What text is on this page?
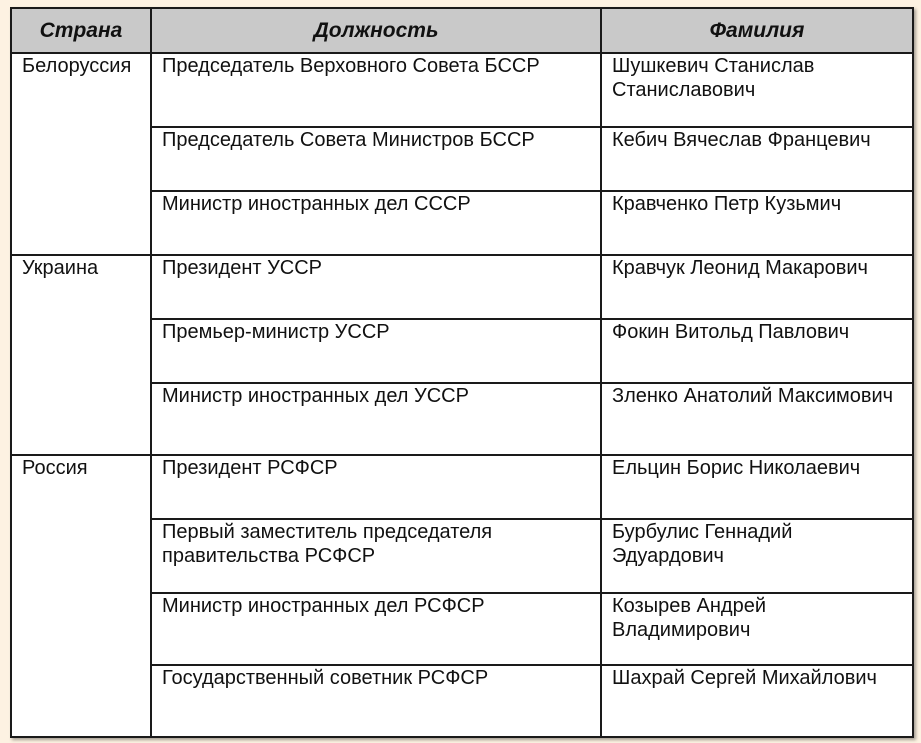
Страна	Должность	Фамилия
Белоруссия	Председатель Верховного Совета БССР	Шушкевич Станислав Станиславович
	Председатель Совета Министров БССР	Кебич Вячеслав Францевич
	Министр иностранных дел СССР	Кравченко Петр Кузьмич
Украина	Президент УССР	Кравчук Леонид Макарович
	Премьер-министр УССР	Фокин Витольд Павлович
	Министр иностранных дел УССР	Зленко Анатолий Максимович
Россия	Президент РСФСР	Ельцин Борис Николаевич
	Первый заместитель председателя правительства РСФСР	Бурбулис Геннадий Эдуардович
	Министр иностранных дел РСФСР	Козырев Андрей Владимирович
	Государственный советник РСФСР	Шахрай Сергей Михайлович
